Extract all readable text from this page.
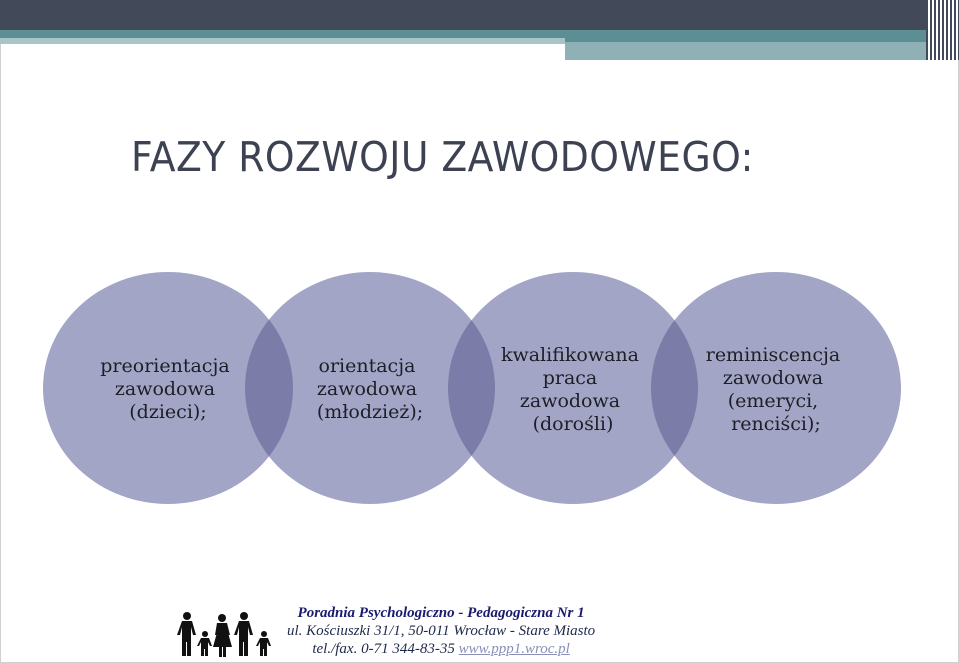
FAZY ROZWOJU ZAWODOWEGO:
preorientacja zawodowa (dzieci);
orientacja zawodowa (młodzież);
kwalifikowana praca zawodowa (dorośli)
reminiscencja zawodowa (emeryci, renciści);
Poradnia Psychologiczno - Pedagogiczna Nr 1
ul. Kościuszki 31/1, 50-011 Wrocław - Stare Miasto
tel./fax. 0-71 344-83-35 www.ppp1.wroc.pl
